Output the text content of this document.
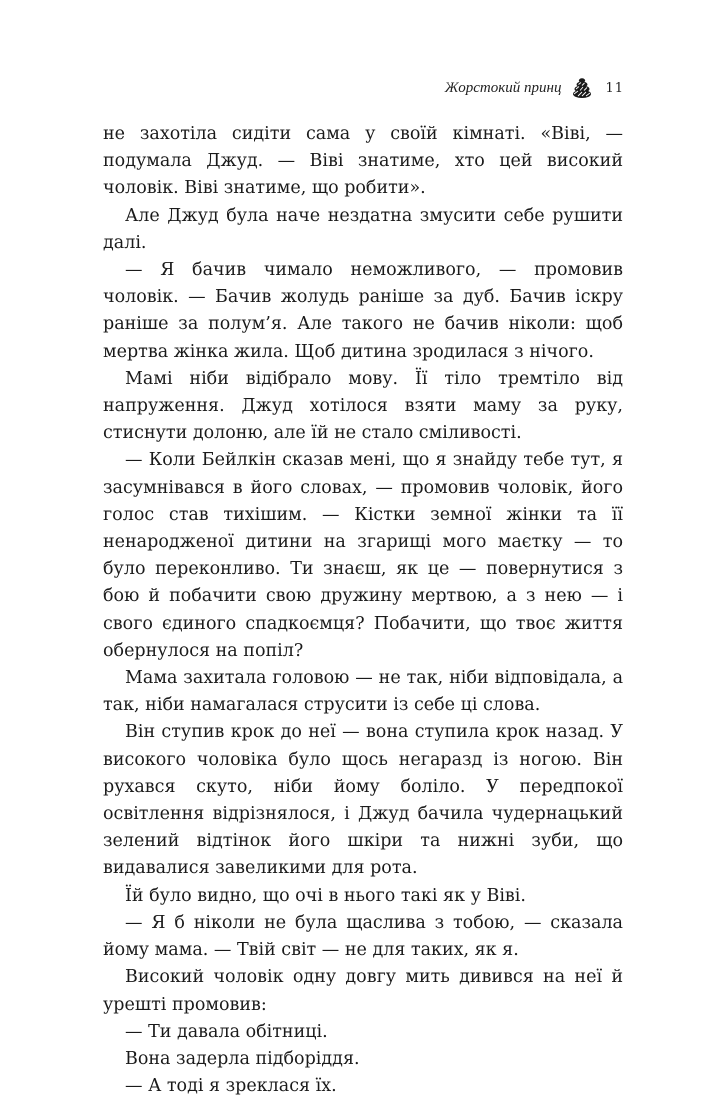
Жорстокий принц	11

не захотіла сидіти сама у своїй кімнаті. «Віві, — подумала Джуд. — Віві знатиме, хто цей високий чоловік. Віві знатиме, що робити».

Але Джуд була наче нездатна змусити себе рушити далі.

— Я бачив чимало неможливого, — промовив чоловік. — Бачив жолудь раніше за дуб. Бачив іскру раніше за полум’я. Але такого не бачив ніколи: щоб мертва жінка жила. Щоб дитина зродилася з нічого.

Мамі ніби відібрало мову. Її тіло тремтіло від напруження. Джуд хотілося взяти маму за руку, стиснути долоню, але їй не стало сміливості.

— Коли Бейлкін сказав мені, що я знайду тебе тут, я засумнівався в його словах, — промовив чоловік, його голос став тихішим. — Кістки земної жінки та її ненародженої дитини на згарищі мого маєтку — то було переконливо. Ти знаєш, як це — повернутися з бою й побачити свою дружину мертвою, а з нею — і свого єдиного спадкоємця? Побачити, що твоє життя обернулося на попіл?

Мама захитала головою — не так, ніби відповідала, а так, ніби намагалася струсити із себе ці слова.

Він ступив крок до неї — вона ступила крок назад. У високого чоловіка було щось негаразд із ногою. Він рухався скуто, ніби йому боліло. У передпокої освітлення відрізнялося, і Джуд бачила чудернацький зелений відтінок його шкіри та нижні зуби, що видавалися завеликими для рота.

Їй було видно, що очі в нього такі як у Віві.

— Я б ніколи не була щаслива з тобою, — сказала йому мама. — Твій світ — не для таких, як я.

Високий чоловік одну довгу мить дивився на неї й урешті промовив:

— Ти давала обітниці.

Вона задерла підборіддя.

— А тоді я зреклася їх.
